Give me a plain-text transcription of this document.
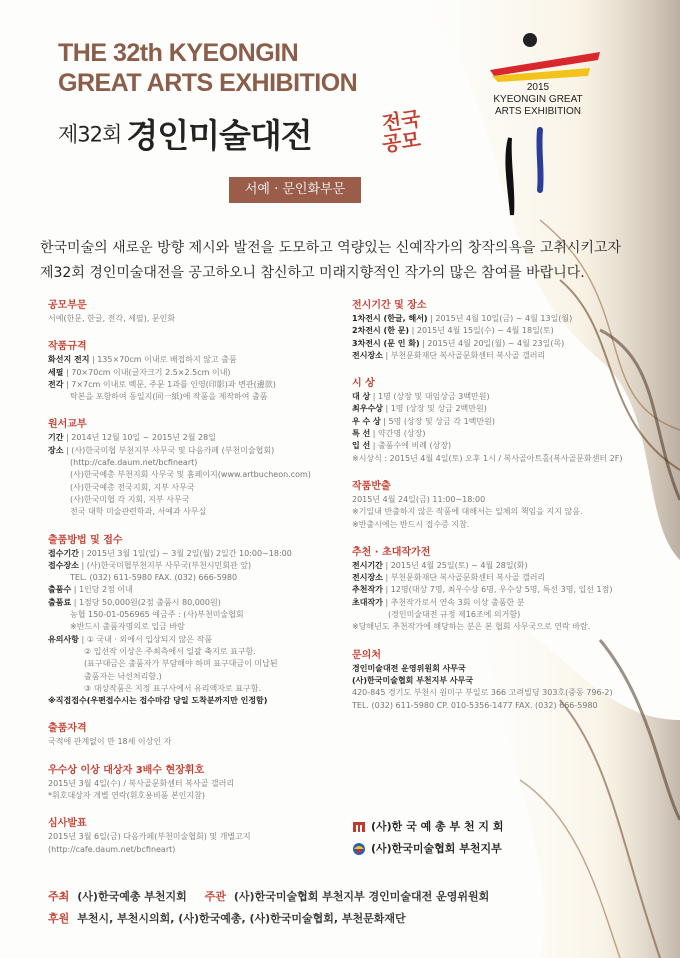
THE 32th KYEONGIN
GREAT ARTS EXHIBITION
제32회 경인미술대전	전국
공모
서예 · 문인화부문
2015
KYEONGIN GREAT
ARTS EXHIBITION
한국미술의 새로운 방향 제시와 발전을 도모하고 역량있는 신예작가의 창작의욕을 고취시키고자
제32회 경인미술대전을 공고하오니 참신하고 미래지향적인 작가의 많은 참여를 바랍니다.
공모부문
서예(한문, 한글, 전각, 세필), 문인화
작품규격
화선지 전지 | 135×70cm 이내로 배접하지 않고 출품
세필 | 70×70cm 이내(글자크기 2.5×2.5cm 이내)
전각 | 7×7cm 이내로 백문, 주문 1과를 인영(印影)과 변관(邊款)
탁본을 포함하여 동일지(同一紙)에 작품을 제작하여 출품
원서교부
기간 | 2014년 12월 10일 ~ 2015년 2월 28일
장소 | (사)한국미협 부천지부 사무국 및 다음카페 (부천미술협회)
(http://cafe.daum.net/bcfineart)
(사)한국예총 부천지회 사무국 및 홈페이지(www.artbucheon.com)
(사)한국예총 전국지회, 지부 사무국
(사)한국미협 각 지회, 지부 사무국
전국 대학 미술관련학과, 서예과 사무실
출품방법 및 접수
접수기간 | 2015년 3월 1일(일) ~ 3월 2일(월) 2일간 10:00~18:00
접수장소 | (사)한국미협부천지부 사무국(부천시민회관 앞)
TEL. (032) 611-5980 FAX. (032) 666-5980
출품수 | 1인당 2점 이내
출품료 | 1점당 50,000원(2점 출품시 80,000원)
농협 150-01-056965 예금주 : (사)부천미술협회
※반드시 출품자명의로 입금 바람
유의사항 | ① 국내 · 외에서 입상되지 않은 작품
② 입선작 이상은 주최측에서 일괄 축지로 표구함.
(표구대금은 출품자가 부담해야 하며 표구대금이 미납된
출품자는 낙선처리함.)
③ 대상작품은 지정 표구사에서 유리액자로 표구함.
※직접접수(우편접수시는 접수마감 당일 도착분까지만 인정함)
출품자격
국적에 관계없이 만 18세 이상인 자
우수상 이상 대상자 3배수 현장휘호
2015년 3월 4일(수) / 복사골문화센터 복사골 갤러리
*휘호대상자 개별 연락(휘호용비품 본인지참)
심사발표
2015년 3월 6일(금) 다음카페(부천미술협회) 및 개별고지
(http://cafe.daum.net/bcfineart)
전시기간 및 장소
1차전시 (한글, 해서) | 2015년 4월 10일(금) ~ 4월 13일(월)
2차전시 (한 문) | 2015년 4월 15일(수) ~ 4월 18일(토)
3차전시 (문 인 화) | 2015년 4월 20일(월) ~ 4월 23일(목)
전시장소 | 부천문화재단 복사골문화센터 복사골 갤러리
시 상
대 상 | 1명 (상장 및 대임상금 3백만원)
최우수상 | 1명 (상장 및 상금 2백만원)
우 수 상 | 5명 (상장 및 상금 각 1백만원)
특 선 | 약간명 (상장)
입 선 | 출품수에 비례 (상장)
※시상식 : 2015년 4월 4일(토) 오후 1시 / 복사골아트홀(복사골문화센터 2F)
작품반출
2015년 4월 24일(금) 11:00~18:00
※기일내 반출하지 않은 작품에 대해서는 일체의 책임을 지지 않음.
※반출시에는 반드시 접수증 지참.
추천 · 초대작가전
전시기간 | 2015년 4월 25일(토) ~ 4월 28일(화)
전시장소 | 부천문화재단 복사골문화센터 복사골 갤러리
추천작가 | 12명(대상 7명, 최우수상 6명, 우수상 5명, 특선 3명, 입선 1점)
초대작가 | 추천작가로서 연속 3회 이상 출품한 분
(경인미술대전 규정 제16조에 의거함)
※당해년도 추천작가에 해당하는 분은 본 협회 사무국으로 연락 바람.
문의처
경인미술대전 운영위원회 사무국
(사)한국미술협회 부천지부 사무국
420-845 경기도 부천시 원미구 부일로 366 고려빌딩 303호(중동 796-2)
TEL. (032) 611-5980 CP. 010-5356-1477 FAX. (032) 666-5980
(사)한 국 예 총 부 천 지 회
(사)한국미술협회 부천지부
주최 (사)한국예총 부천지회 주관 (사)한국미술협회 부천지부 경인미술대전 운영위원회
후원 부천시, 부천시의회, (사)한국예총, (사)한국미술협회, 부천문화재단
